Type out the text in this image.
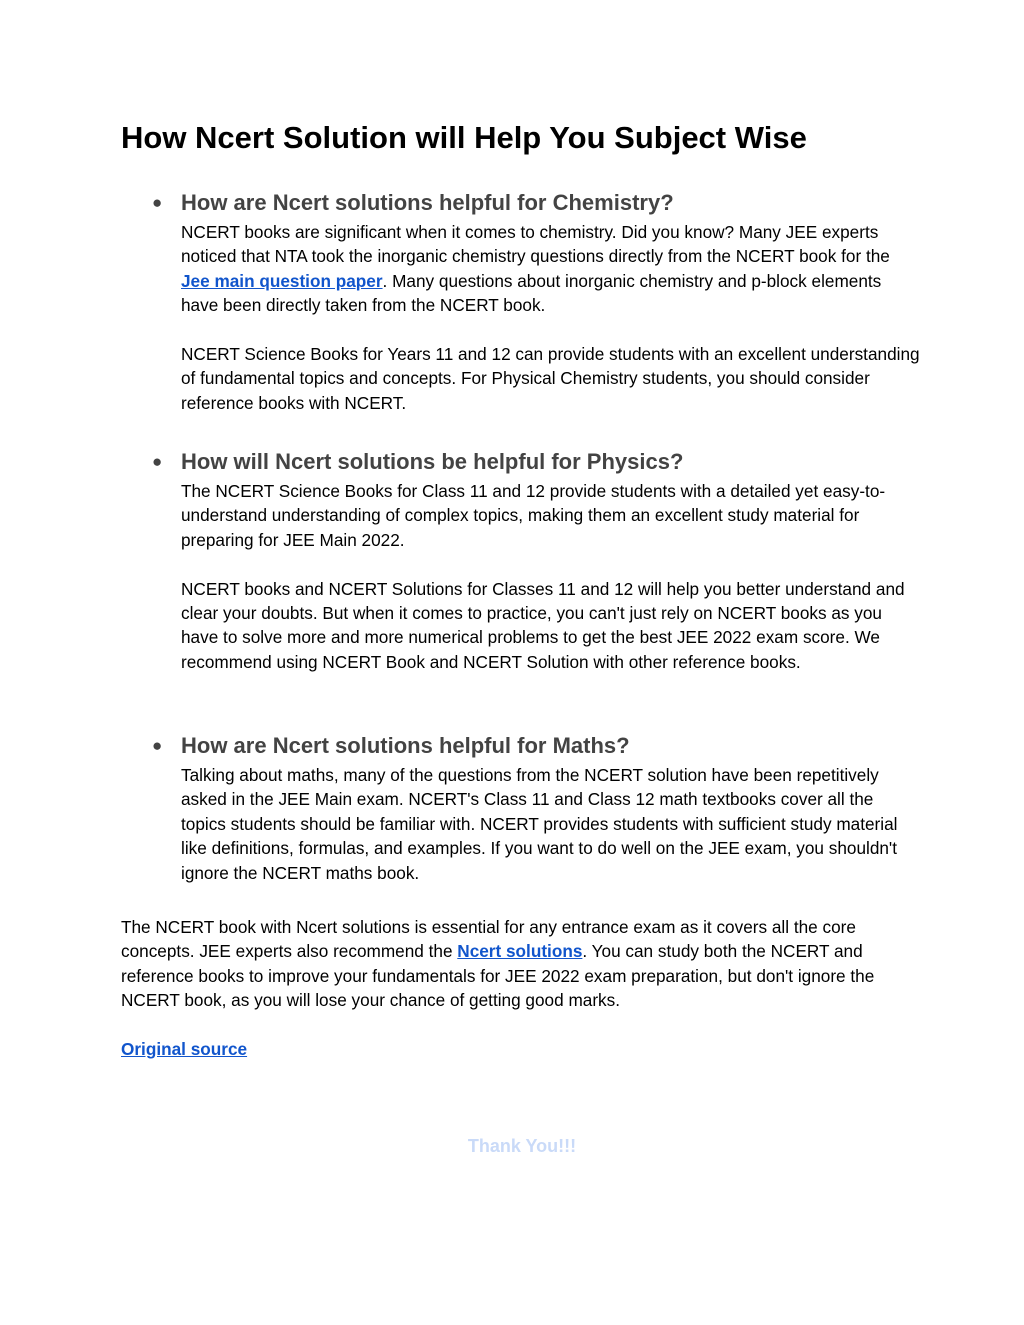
How Ncert Solution will Help You Subject Wise
● How are Ncert solutions helpful for Chemistry?

NCERT books are significant when it comes to chemistry. Did you know? Many JEE experts noticed that NTA took the inorganic chemistry questions directly from the NCERT book for the Jee main question paper. Many questions about inorganic chemistry and p-block elements have been directly taken from the NCERT book.

NCERT Science Books for Years 11 and 12 can provide students with an excellent understanding of fundamental topics and concepts. For Physical Chemistry students, you should consider reference books with NCERT.

● How will Ncert solutions be helpful for Physics?

The NCERT Science Books for Class 11 and 12 provide students with a detailed yet easy-to-understand understanding of complex topics, making them an excellent study material for preparing for JEE Main 2022.

NCERT books and NCERT Solutions for Classes 11 and 12 will help you better understand and clear your doubts. But when it comes to practice, you can't just rely on NCERT books as you have to solve more and more numerical problems to get the best JEE 2022 exam score. We recommend using NCERT Book and NCERT Solution with other reference books.

● How are Ncert solutions helpful for Maths?

Talking about maths, many of the questions from the NCERT solution have been repetitively asked in the JEE Main exam. NCERT's Class 11 and Class 12 math textbooks cover all the topics students should be familiar with. NCERT provides students with sufficient study material like definitions, formulas, and examples. If you want to do well on the JEE exam, you shouldn't ignore the NCERT maths book.

The NCERT book with Ncert solutions is essential for any entrance exam as it covers all the core concepts. JEE experts also recommend the Ncert solutions. You can study both the NCERT and reference books to improve your fundamentals for JEE 2022 exam preparation, but don't ignore the NCERT book, as you will lose your chance of getting good marks.

Original source

Thank You!!!
